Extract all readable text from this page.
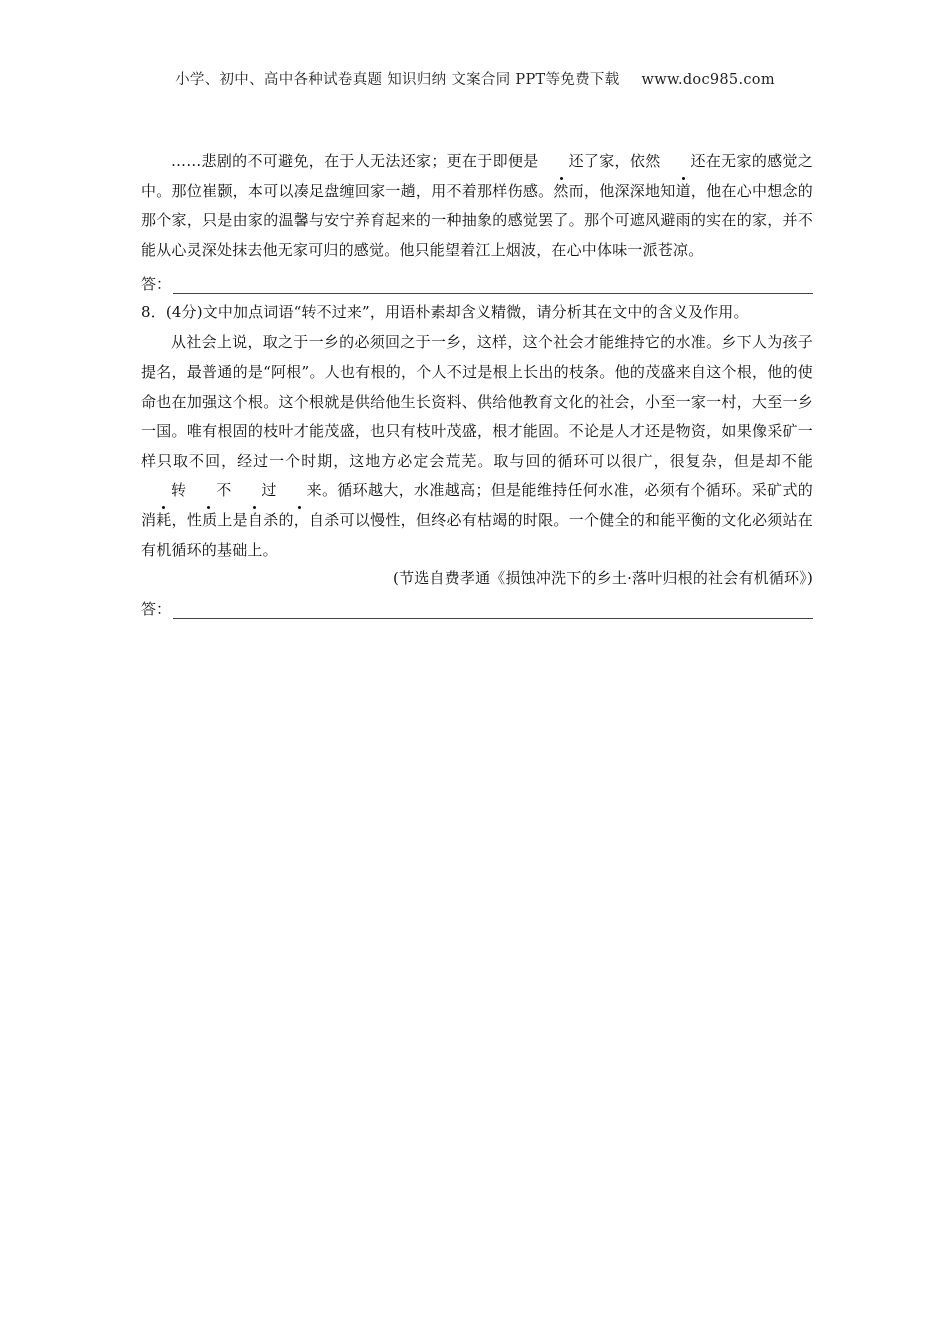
小学、初中、高中各种试卷真题 知识归纳 文案合同 PPT等免费下载 www.doc985.com

……悲剧的不可避免，在于人无法还家；更在于即便是 还了家，依然 还在无家的感觉之中。那位崔颢，本可以凑足盘缠回家一趟，用不着那样伤感。然而，他深深地知道，他在心中想念的那个家，只是由家的温馨与安宁养育起来的一种抽象的感觉罢了。那个可遮风避雨的实在的家，并不能从心灵深处抹去他无家可归的感觉。他只能望着江上烟波，在心中体味一派苍凉。

答：
8．(4分)文中加点词语“转不过来”，用语朴素却含义精微，请分析其在文中的含义及作用。

从社会上说，取之于一乡的必须回之于一乡，这样，这个社会才能维持它的水准。乡下人为孩子提名，最普通的是“阿根”。人也有根的，个人不过是根上长出的枝条。他的茂盛来自这个根，他的使命也在加强这个根。这个根就是供给他生长资料、供给他教育文化的社会，小至一家一村，大至一乡一国。唯有根固的枝叶才能茂盛，也只有枝叶茂盛，根才能固。不论是人才还是物资，如果像采矿一样只取不回，经过一个时期，这地方必定会荒芜。取与回的循环可以很广，很复杂，但是却不能转 不 过 来。循环越大，水准越高；但是能维持任何水准，必须有个循环。采矿式的消耗，性质上是自杀的，自杀可以慢性，但终必有枯竭的时限。一个健全的和能平衡的文化必须站在有机循环的基础上。

(节选自费孝通《损蚀冲洗下的乡土·落叶归根的社会有机循环》)

答：
